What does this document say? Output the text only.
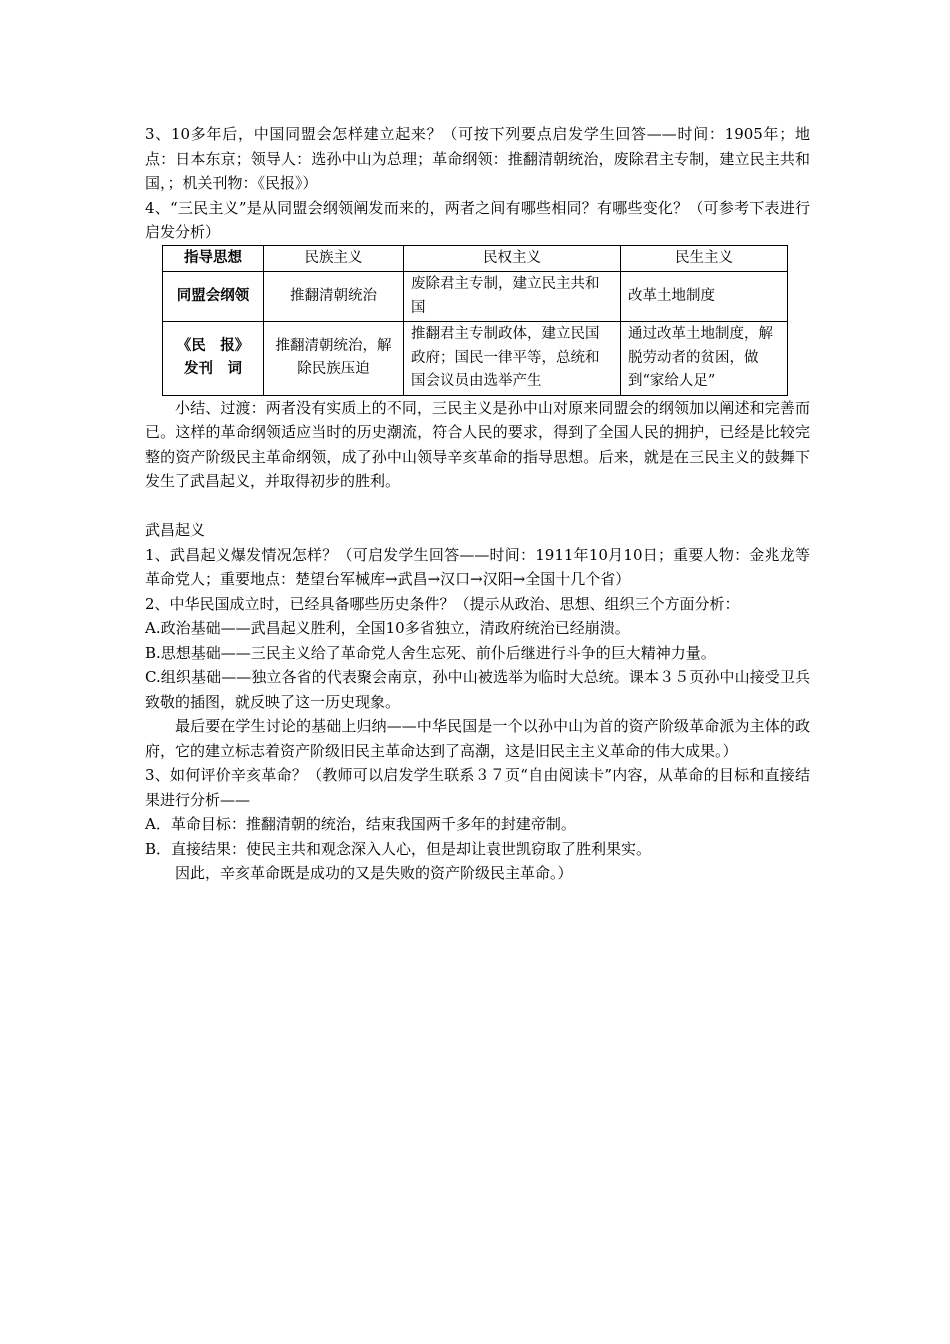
3、10多年后，中国同盟会怎样建立起来？（可按下列要点启发学生回答——时间：1905年；地点：日本东京；领导人：选孙中山为总理；革命纲领：推翻清朝统治，废除君主专制，建立民主共和国，；机关刊物：《民报》）

4、“三民主义”是从同盟会纲领阐发而来的，两者之间有哪些相同？有哪些变化？（可参考下表进行启发分析）

指导思想	民族主义	民权主义	民生主义
同盟会纲领	推翻清朝统治	废除君主专制，建立民主共和国	改革土地制度
《民　报》发刊　词	推翻清朝统治，解除民族压迫	推翻君主专制政体，建立民国政府；国民一律平等，总统和国会议员由选举产生	通过改革土地制度，解脱劳动者的贫困，做到“家给人足”

小结、过渡：两者没有实质上的不同，三民主义是孙中山对原来同盟会的纲领加以阐述和完善而已。这样的革命纲领适应当时的历史潮流，符合人民的要求，得到了全国人民的拥护，已经是比较完整的资产阶级民主革命纲领，成了孙中山领导辛亥革命的指导思想。后来，就是在三民主义的鼓舞下发生了武昌起义，并取得初步的胜利。

武昌起义

1、武昌起义爆发情况怎样？（可启发学生回答——时间：1911年10月10日；重要人物：金兆龙等革命党人；重要地点：楚望台军械库→武昌→汉口→汉阳→全国十几个省）

2、中华民国成立时，已经具备哪些历史条件？（提示从政治、思想、组织三个方面分析：

A.政治基础——武昌起义胜利，全国10多省独立，清政府统治已经崩溃。

B.思想基础——三民主义给了革命党人舍生忘死、前仆后继进行斗争的巨大精神力量。

C.组织基础——独立各省的代表聚会南京，孙中山被选举为临时大总统。课本３５页孙中山接受卫兵致敬的插图，就反映了这一历史现象。

最后要在学生讨论的基础上归纳——中华民国是一个以孙中山为首的资产阶级革命派为主体的政府，它的建立标志着资产阶级旧民主革命达到了高潮，这是旧民主主义革命的伟大成果。）

3、如何评价辛亥革命？（教师可以启发学生联系３７页“自由阅读卡”内容，从革命的目标和直接结果进行分析——

A．革命目标：推翻清朝的统治，结束我国两千多年的封建帝制。

B．直接结果：使民主共和观念深入人心，但是却让袁世凯窃取了胜利果实。

因此，辛亥革命既是成功的又是失败的资产阶级民主革命。）
